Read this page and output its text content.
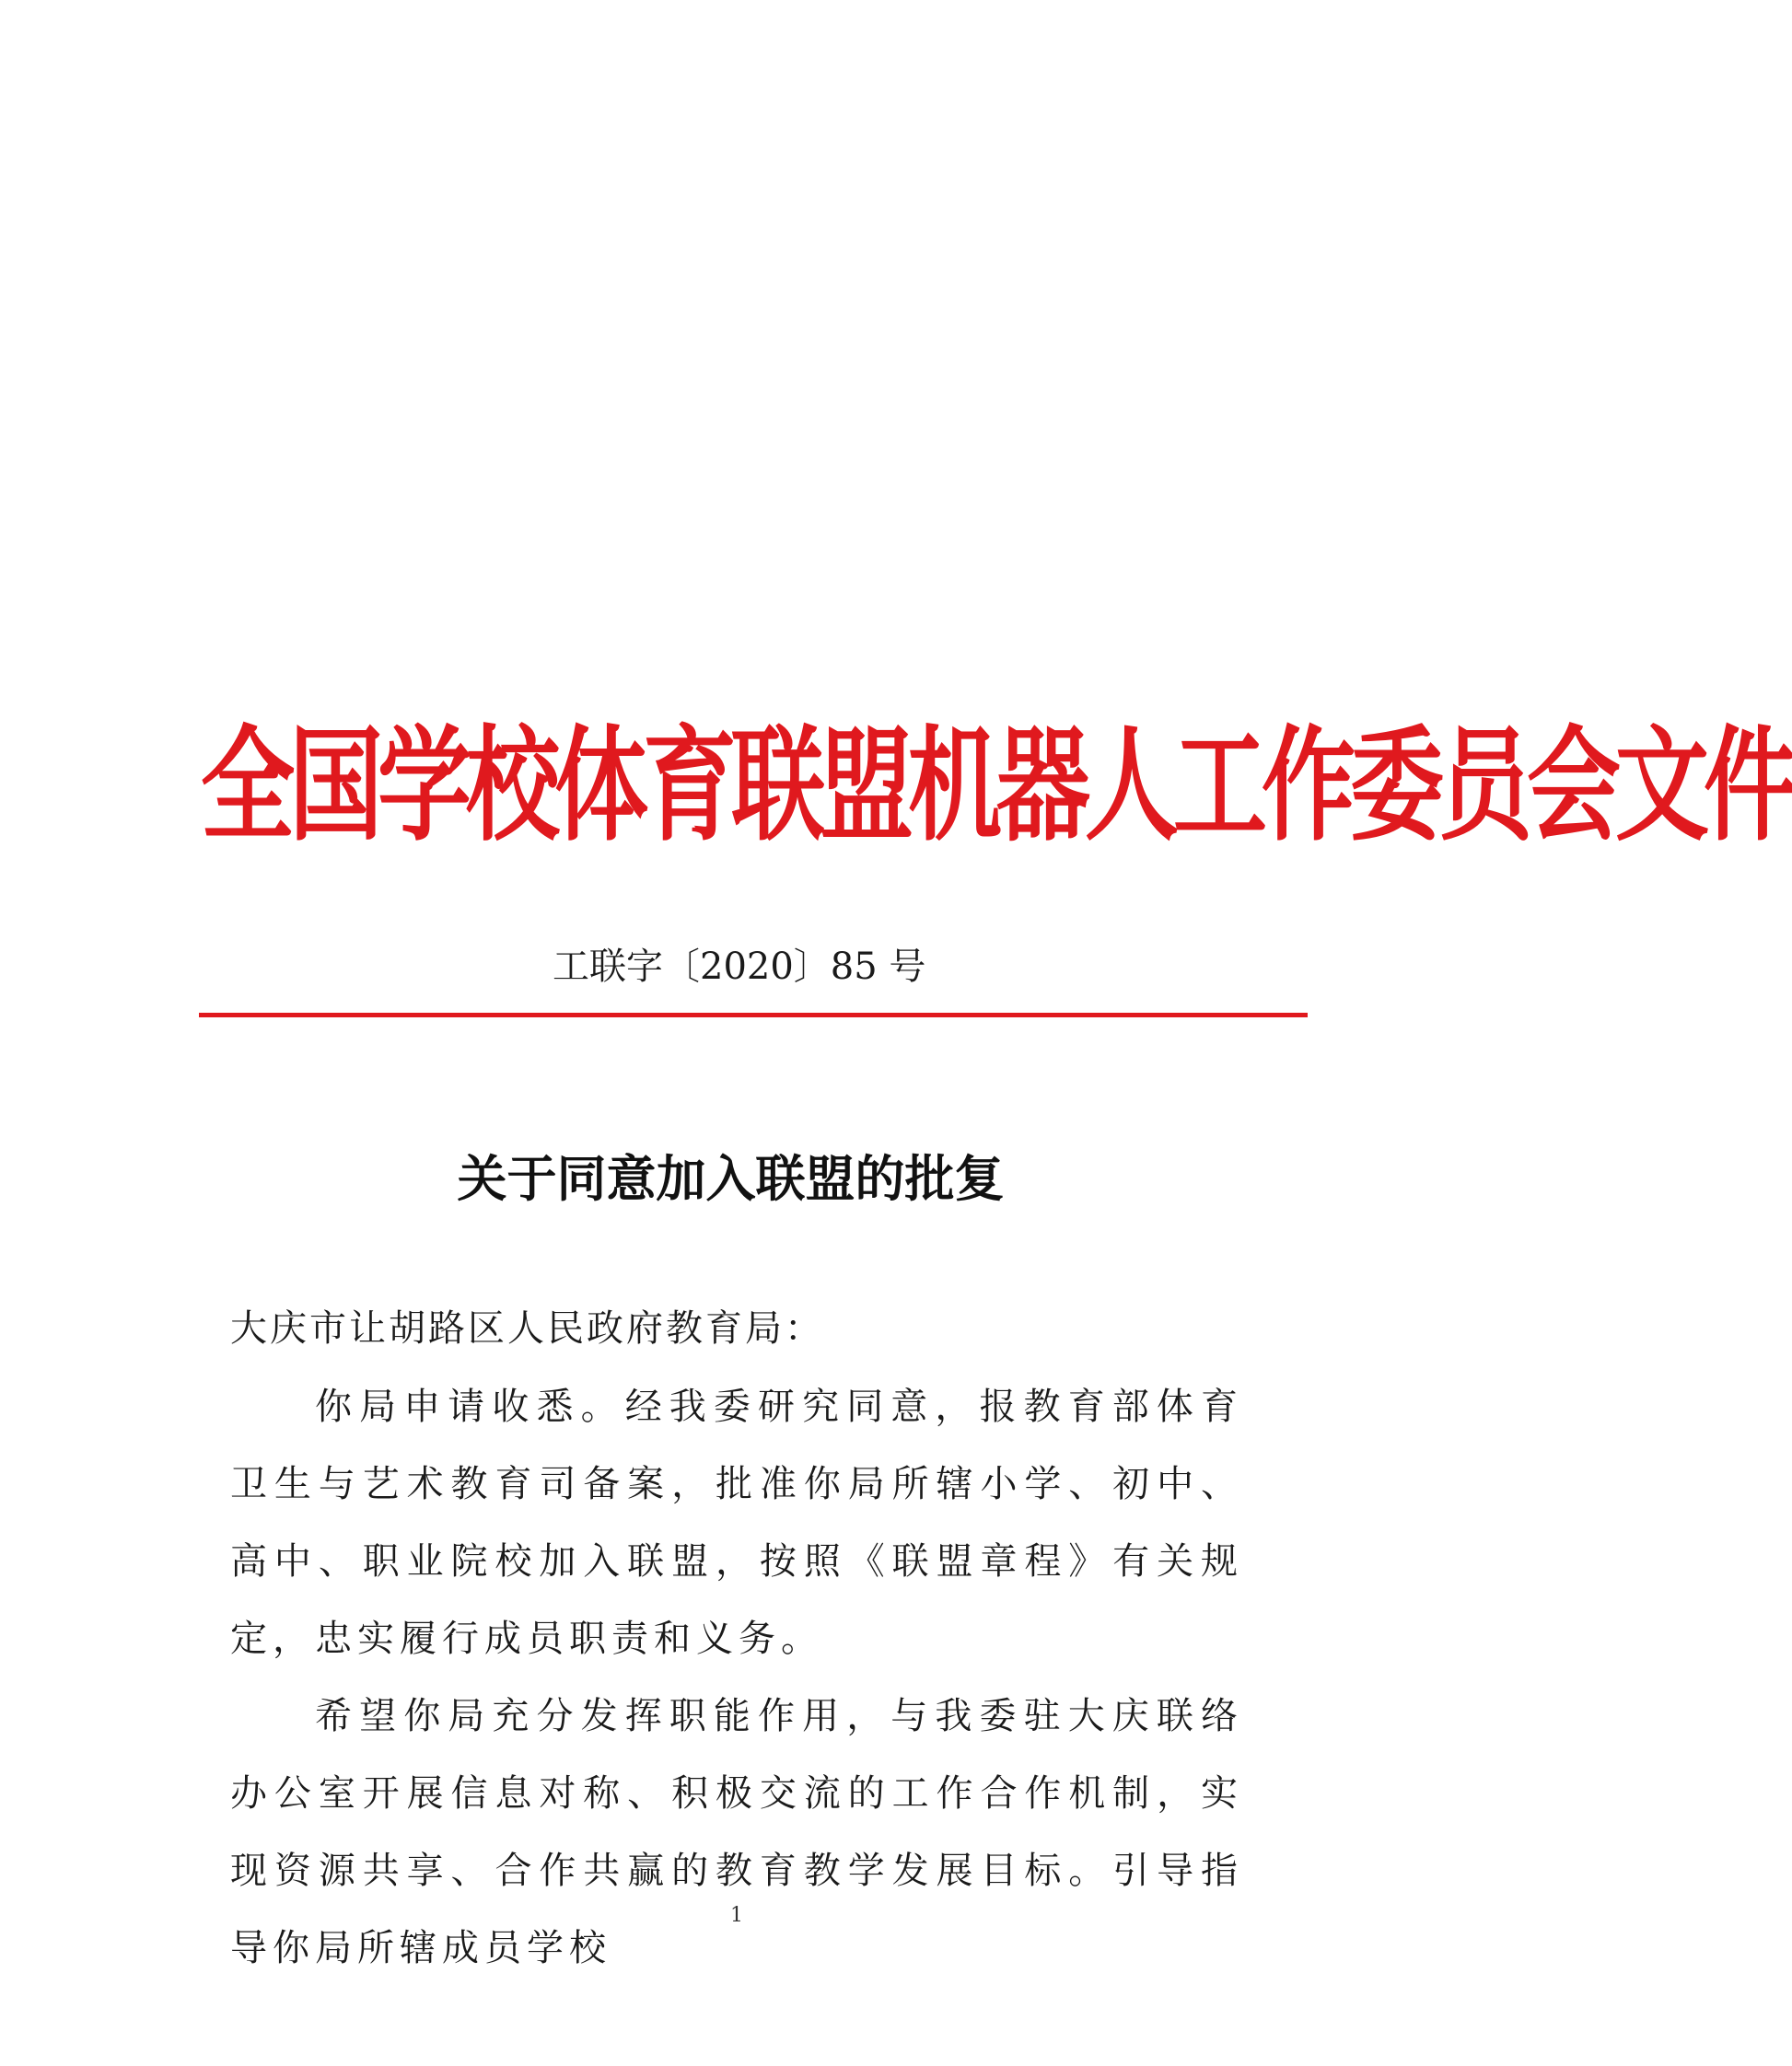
全国学校体育联盟机器人工作委员会文件
工联字〔2020〕85 号
关于同意加入联盟的批复
大庆市让胡路区人民政府教育局：

你局申请收悉。经我委研究同意，报教育部体育卫生与艺术教育司备案，批准你局所辖小学、初中、高中、职业院校加入联盟，按照《联盟章程》有关规定，忠实履行成员职责和义务。

希望你局充分发挥职能作用，与我委驻大庆联络办公室开展信息对称、积极交流的工作合作机制，实现资源共享、合作共赢的教育教学发展目标。引导指导你局所辖成员学校

1
